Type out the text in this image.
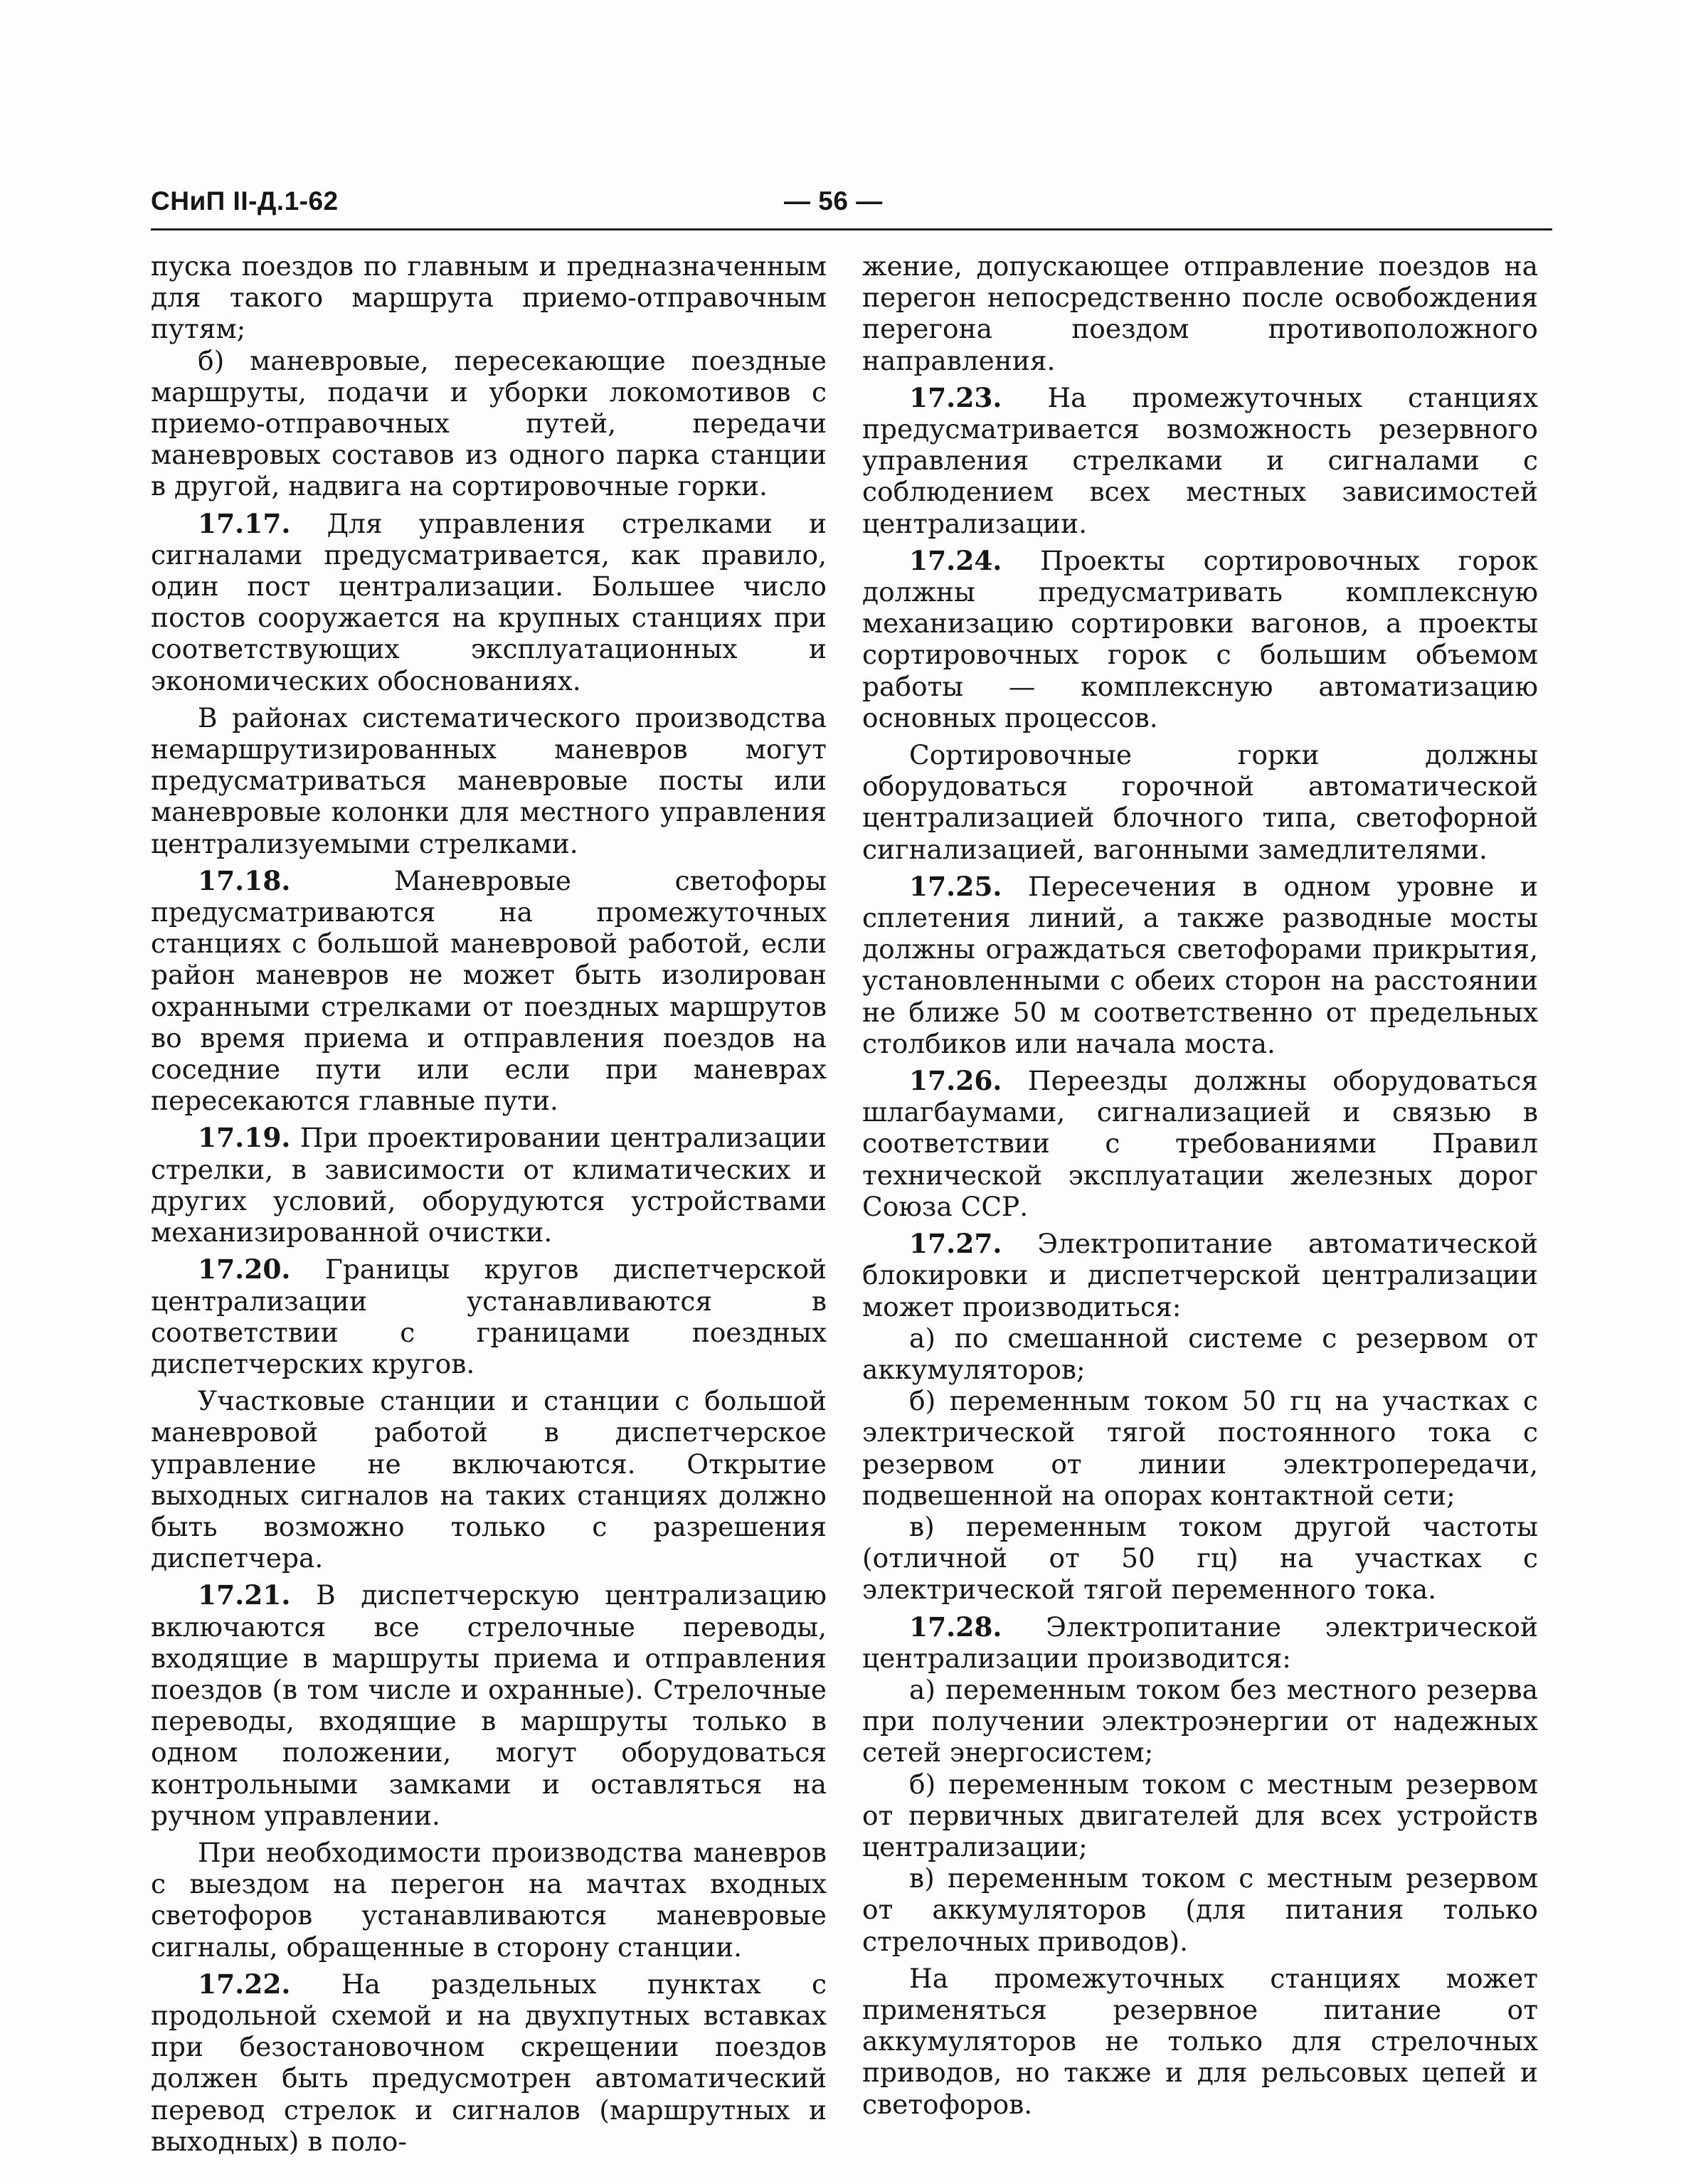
СНиП II-Д.1-62	— 56 —

пуска поездов по главным и предназначенным для такого маршрута приемо-отправочным путям;

б) маневровые, пересекающие поездные маршруты, подачи и уборки локомотивов с приемо-отправочных путей, передачи маневровых составов из одного парка станции в другой, надвига на сортировочные горки.

17.17. Для управления стрелками и сигналами предусматривается, как правило, один пост централизации. Большее число постов сооружается на крупных станциях при соответствующих эксплуатационных и экономических обоснованиях.

В районах систематического производства немаршрутизированных маневров могут предусматриваться маневровые посты или маневровые колонки для местного управления централизуемыми стрелками.

17.18.	Маневровые светофоры предусматриваются на промежуточных станциях с большой маневровой работой, если район маневров не может быть изолирован охранными стрелками от поездных маршрутов во время приема и отправления поездов на соседние пути или если при маневрах пересекаются главные пути.

17.19. При проектировании централизации стрелки, в зависимости от климатических и других условий, оборудуются устройствами механизированной очистки.

17.20. Границы кругов диспетчерской централизации устанавливаются в соответствии с границами поездных диспетчерских кругов.

Участковые станции и станции с большой маневровой работой в диспетчерское управление не включаются. Открытие выходных сигналов на таких станциях должно быть возможно только с разрешения диспетчера.

17.21. В диспетчерскую централизацию включаются все стрелочные переводы, входящие в маршруты приема и отправления поездов (в том числе и охранные). Стрелочные переводы, входящие в маршруты только в одном положении, могут оборудоваться контрольными замками и оставляться на ручном управлении.

При необходимости производства маневров с выездом на перегон на мачтах входных светофоров устанавливаются маневровые сигналы, обращенные в сторону станции.

17.22. На раздельных пунктах с продольной схемой и на двухпутных вставках при безостановочном скрещении поездов должен быть предусмотрен автоматический перевод стрелок и сигналов (маршрутных и выходных) в поло-

жение, допускающее отправление поездов на перегон непосредственно после освобождения перегона поездом противоположного направления.

17.23. На промежуточных станциях предусматривается возможность резервного управления стрелками и сигналами с соблюдением всех местных зависимостей централизации.

17.24. Проекты сортировочных горок должны предусматривать комплексную механизацию сортировки вагонов, а проекты сортировочных горок с большим объемом работы — комплексную автоматизацию основных процессов.

Сортировочные горки должны оборудоваться горочной автоматической централизацией блочного типа, светофорной сигнализацией, вагонными замедлителями.

17.25. Пересечения в одном уровне и сплетения линий, а также разводные мосты должны ограждаться светофорами прикрытия, установленными с обеих сторон на расстоянии не ближе 50 м соответственно от предельных столбиков или начала моста.

17.26. Переезды должны оборудоваться шлагбаумами, сигнализацией и связью в соответствии с требованиями Правил технической эксплуатации железных дорог Союза ССР.

17.27. Электропитание автоматической блокировки и диспетчерской централизации может производиться:

а) по смешанной системе с резервом от аккумуляторов;

б) переменным током 50 гц на участках с электрической тягой постоянного тока с резервом от линии электропередачи, подвешенной на опорах контактной сети;

в) переменным током другой частоты (отличной от 50 гц) на участках с электрической тягой переменного тока.

17.28. Электропитание электрической централизации производится:

а) переменным током без местного резерва при получении электроэнергии от надежных сетей энергосистем;

б) переменным током с местным резервом от первичных двигателей для всех устройств централизации;

в) переменным током с местным резервом от аккумуляторов (для питания только стрелочных приводов).

На промежуточных станциях может применяться резервное питание от аккумуляторов не только для стрелочных приводов, но также и для рельсовых цепей и светофоров.
